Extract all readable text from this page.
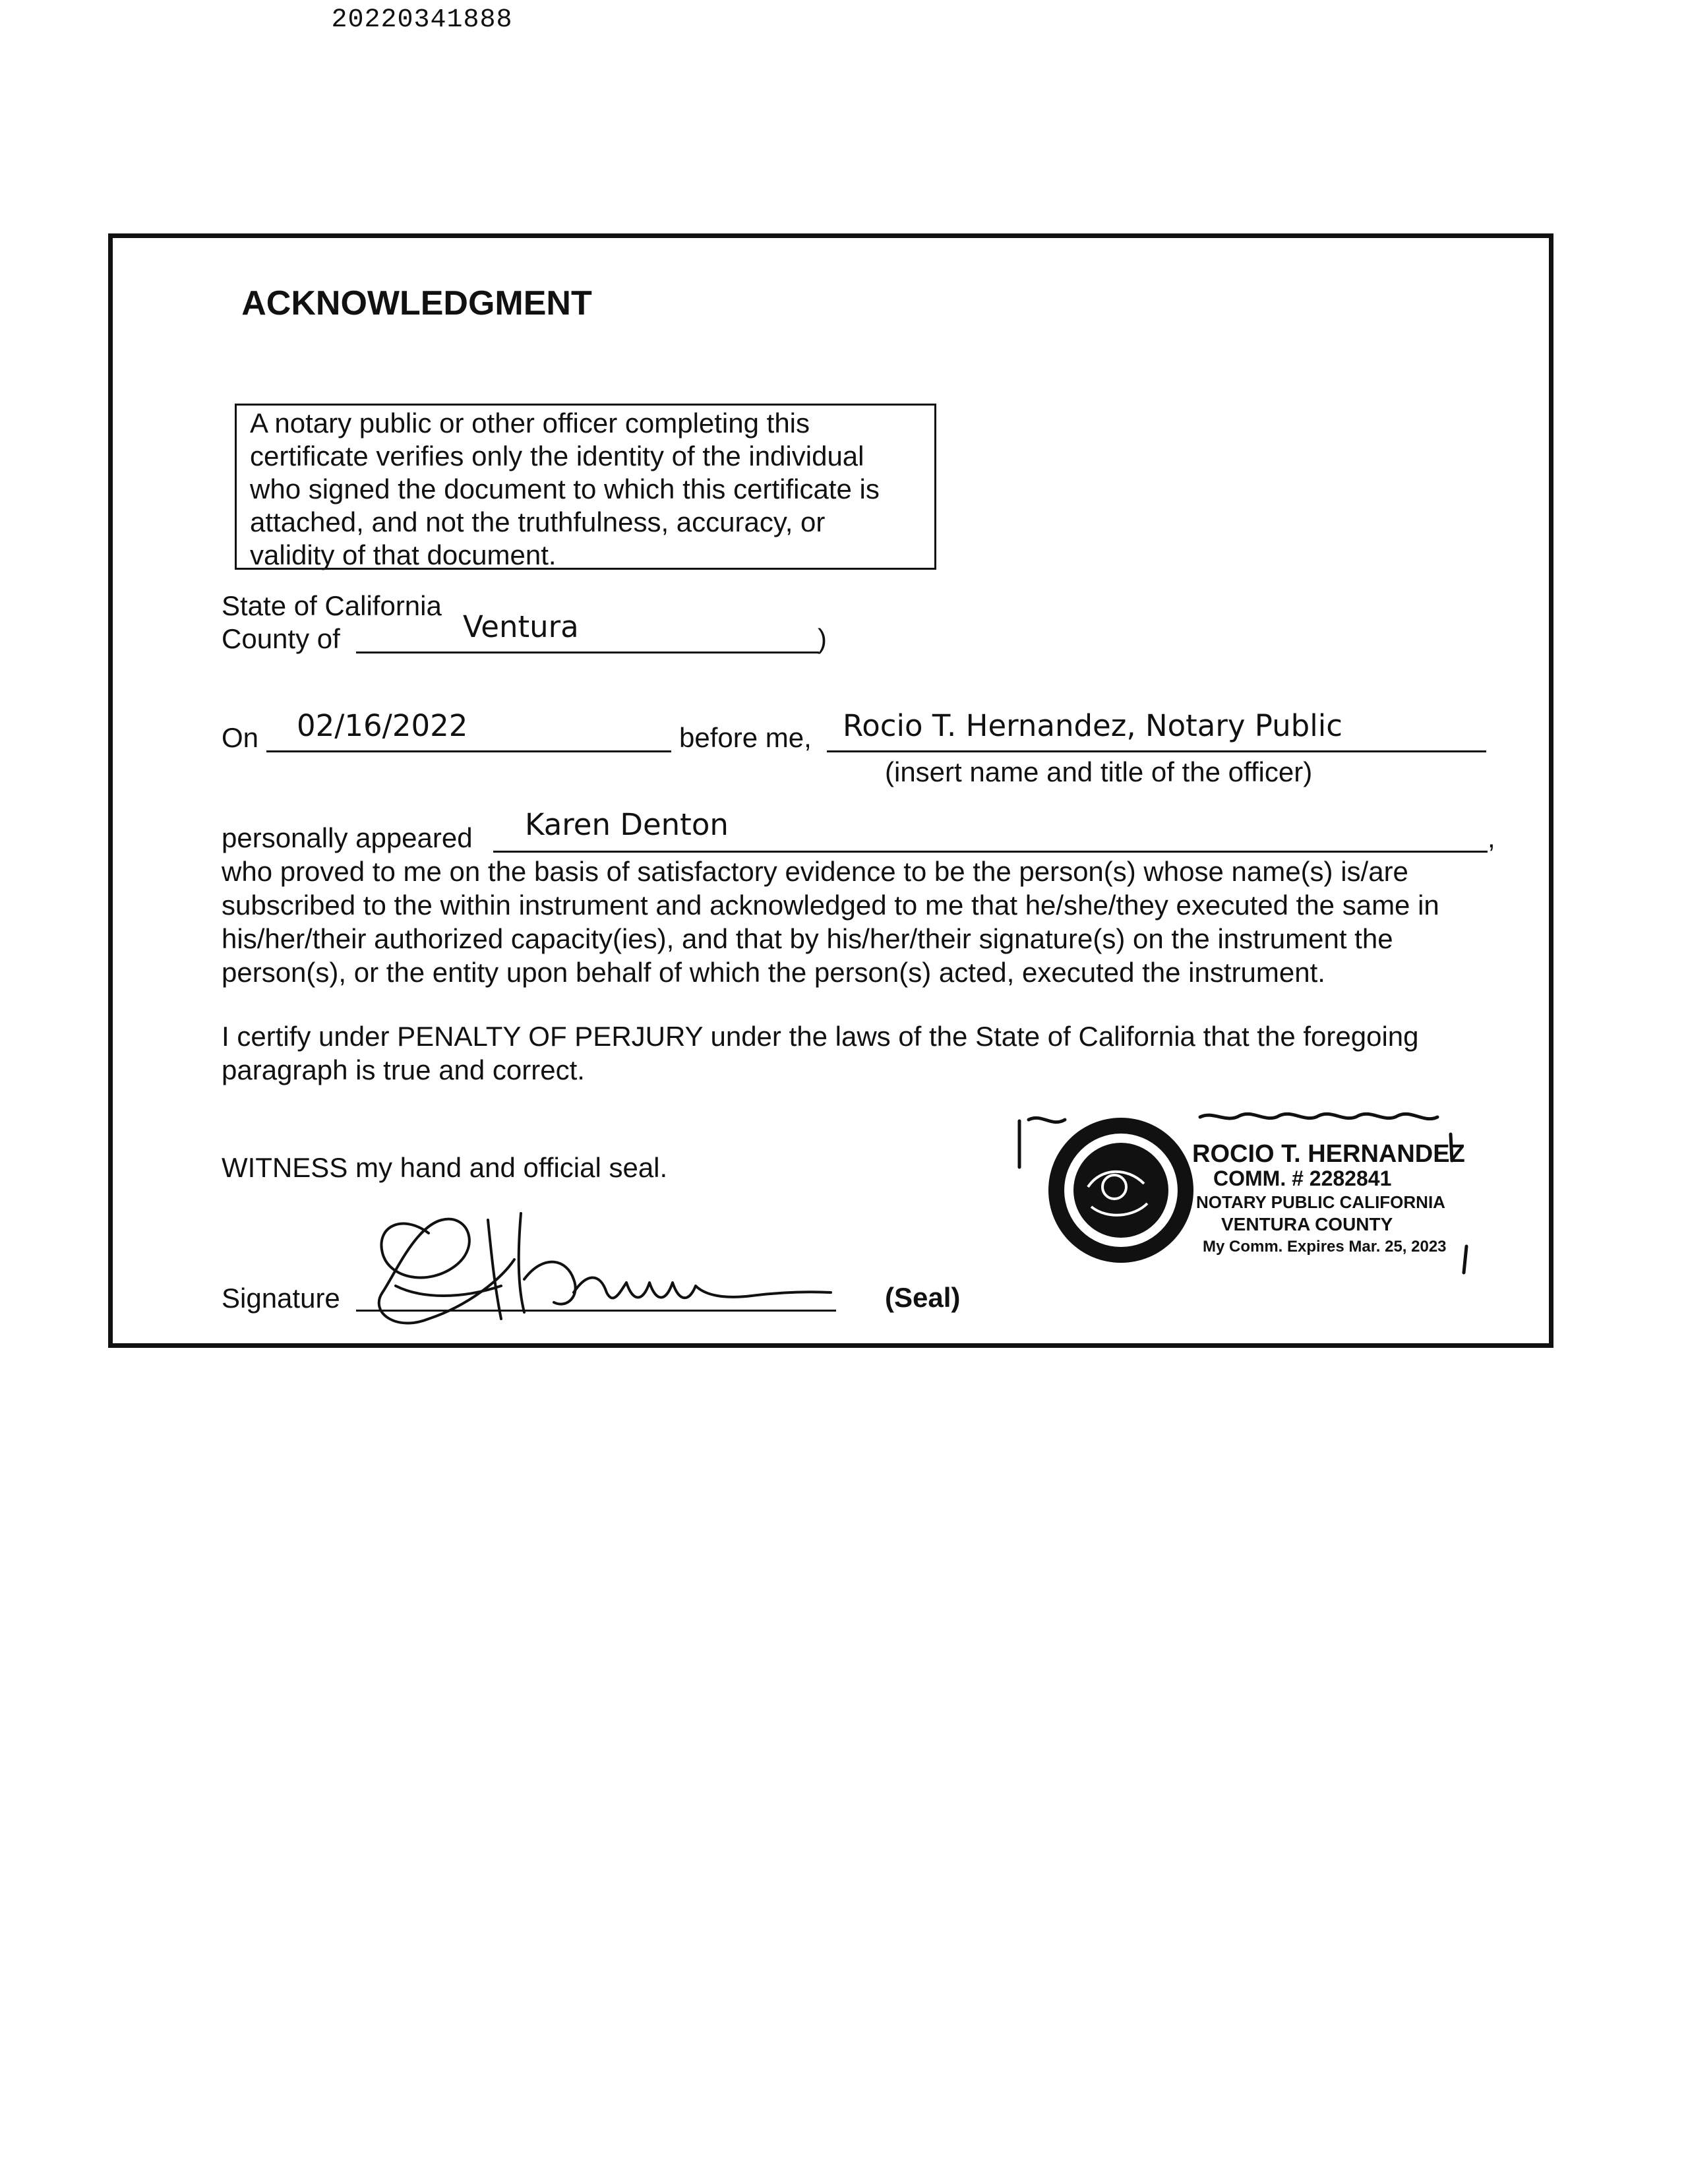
20220341888
ACKNOWLEDGMENT
A notary public or other officer completing this
certificate verifies only the identity of the individual
who signed the document to which this certificate is
attached, and not the truthfulness, accuracy, or
validity of that document.
State of California
County of	Ventura	)
On 02/16/2022	before me, Rocio T. Hernandez, Notary Public
(insert name and title of the officer)
personally appeared Karen Denton	,
who proved to me on the basis of satisfactory evidence to be the person(s) whose name(s) is/are
subscribed to the within instrument and acknowledged to me that he/she/they executed the same in
his/her/their authorized capacity(ies), and that by his/her/their signature(s) on the instrument the
person(s), or the entity upon behalf of which the person(s) acted, executed the instrument.
I certify under PENALTY OF PERJURY under the laws of the State of California that the foregoing
paragraph is true and correct.
WITNESS my hand and official seal.
Signature
ROCIO T. HERNANDEZ
COMM. # 2282841
NOTARY PUBLIC CALIFORNIA
VENTURA COUNTY
My Comm. Expires Mar. 25, 2023
(Seal)
